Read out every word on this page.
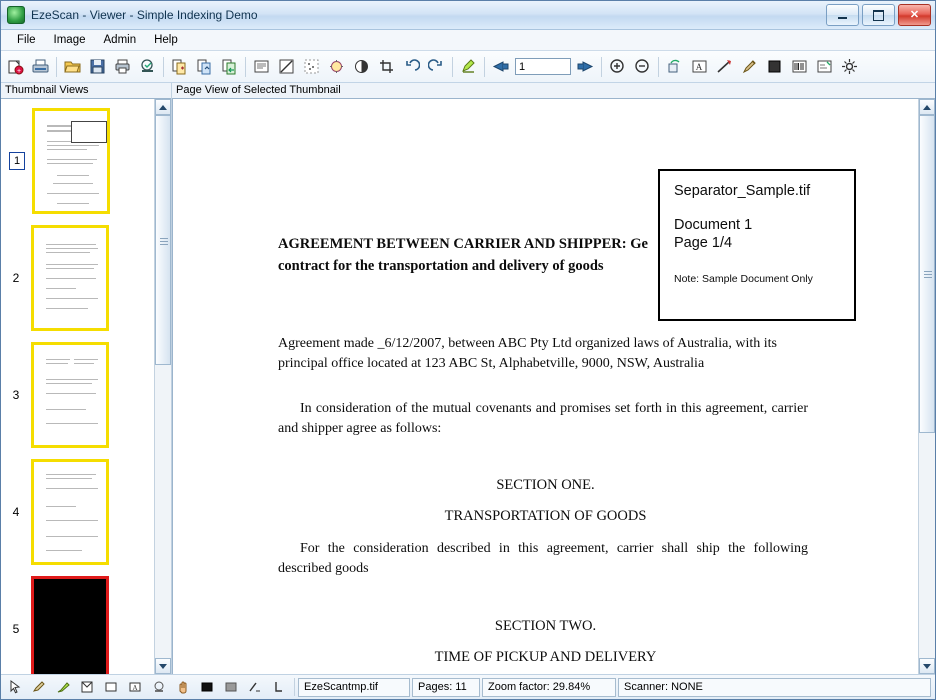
EzeScan - Viewer - Simple Indexing Demo	✕
File	Image	Admin	Help
+
1	A
Thumbnail Views
1
2
3
4
5
Page View of Selected Thumbnail
AGREEMENT BETWEEN CARRIER AND SHIPPER: Ge
contract for the transportation and delivery of goods
Agreement made _6/12/2007, between ABC Pty Ltd organized laws of Australia, with its principal office located at 123 ABC St, Alphabetville, 9000, NSW, Australia
In consideration of the mutual covenants and promises set forth in this agreement, carrier and shipper agree as follows:
SECTION ONE.
TRANSPORTATION OF GOODS
For the consideration described in this agreement, carrier shall ship the following described goods
SECTION TWO.
TIME OF PICKUP AND DELIVERY
Separator_Sample.tif
Document 1
Page 1/4
Note: Sample Document Only
A	EzeScantmp.tif	Pages: 11	Zoom factor: 29.84%	Scanner: NONE
